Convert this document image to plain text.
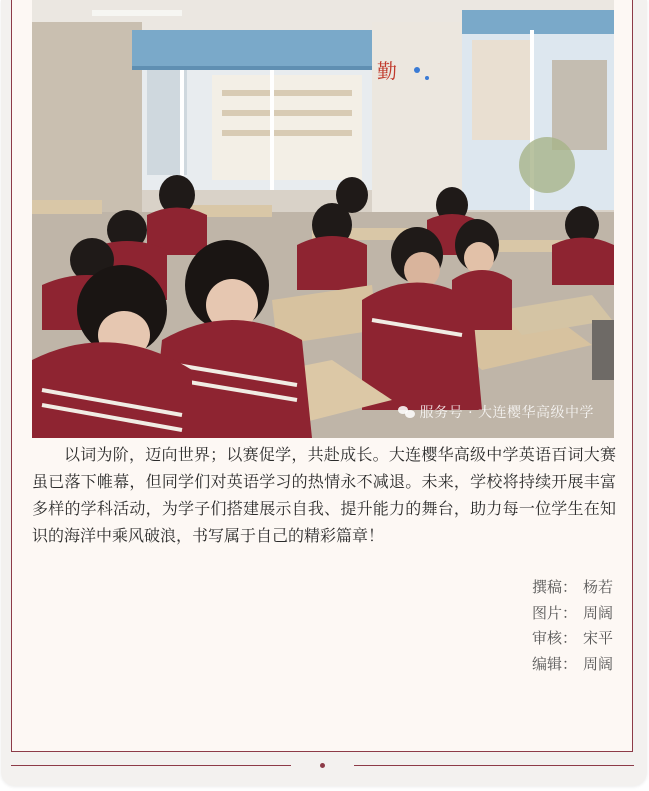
勤
服务号 · 大连樱华高级中学

以词为阶，迈向世界；以赛促学，共赴成长。大连樱华高级中学英语百词大赛虽已落下帷幕，但同学们对英语学习的热情永不减退。未来，学校将持续开展丰富多样的学科活动，为学子们搭建展示自我、提升能力的舞台，助力每一位学生在知识的海洋中乘风破浪，书写属于自己的精彩篇章！

撰稿： 杨若
图片： 周阔
审核： 宋平
编辑： 周阔
